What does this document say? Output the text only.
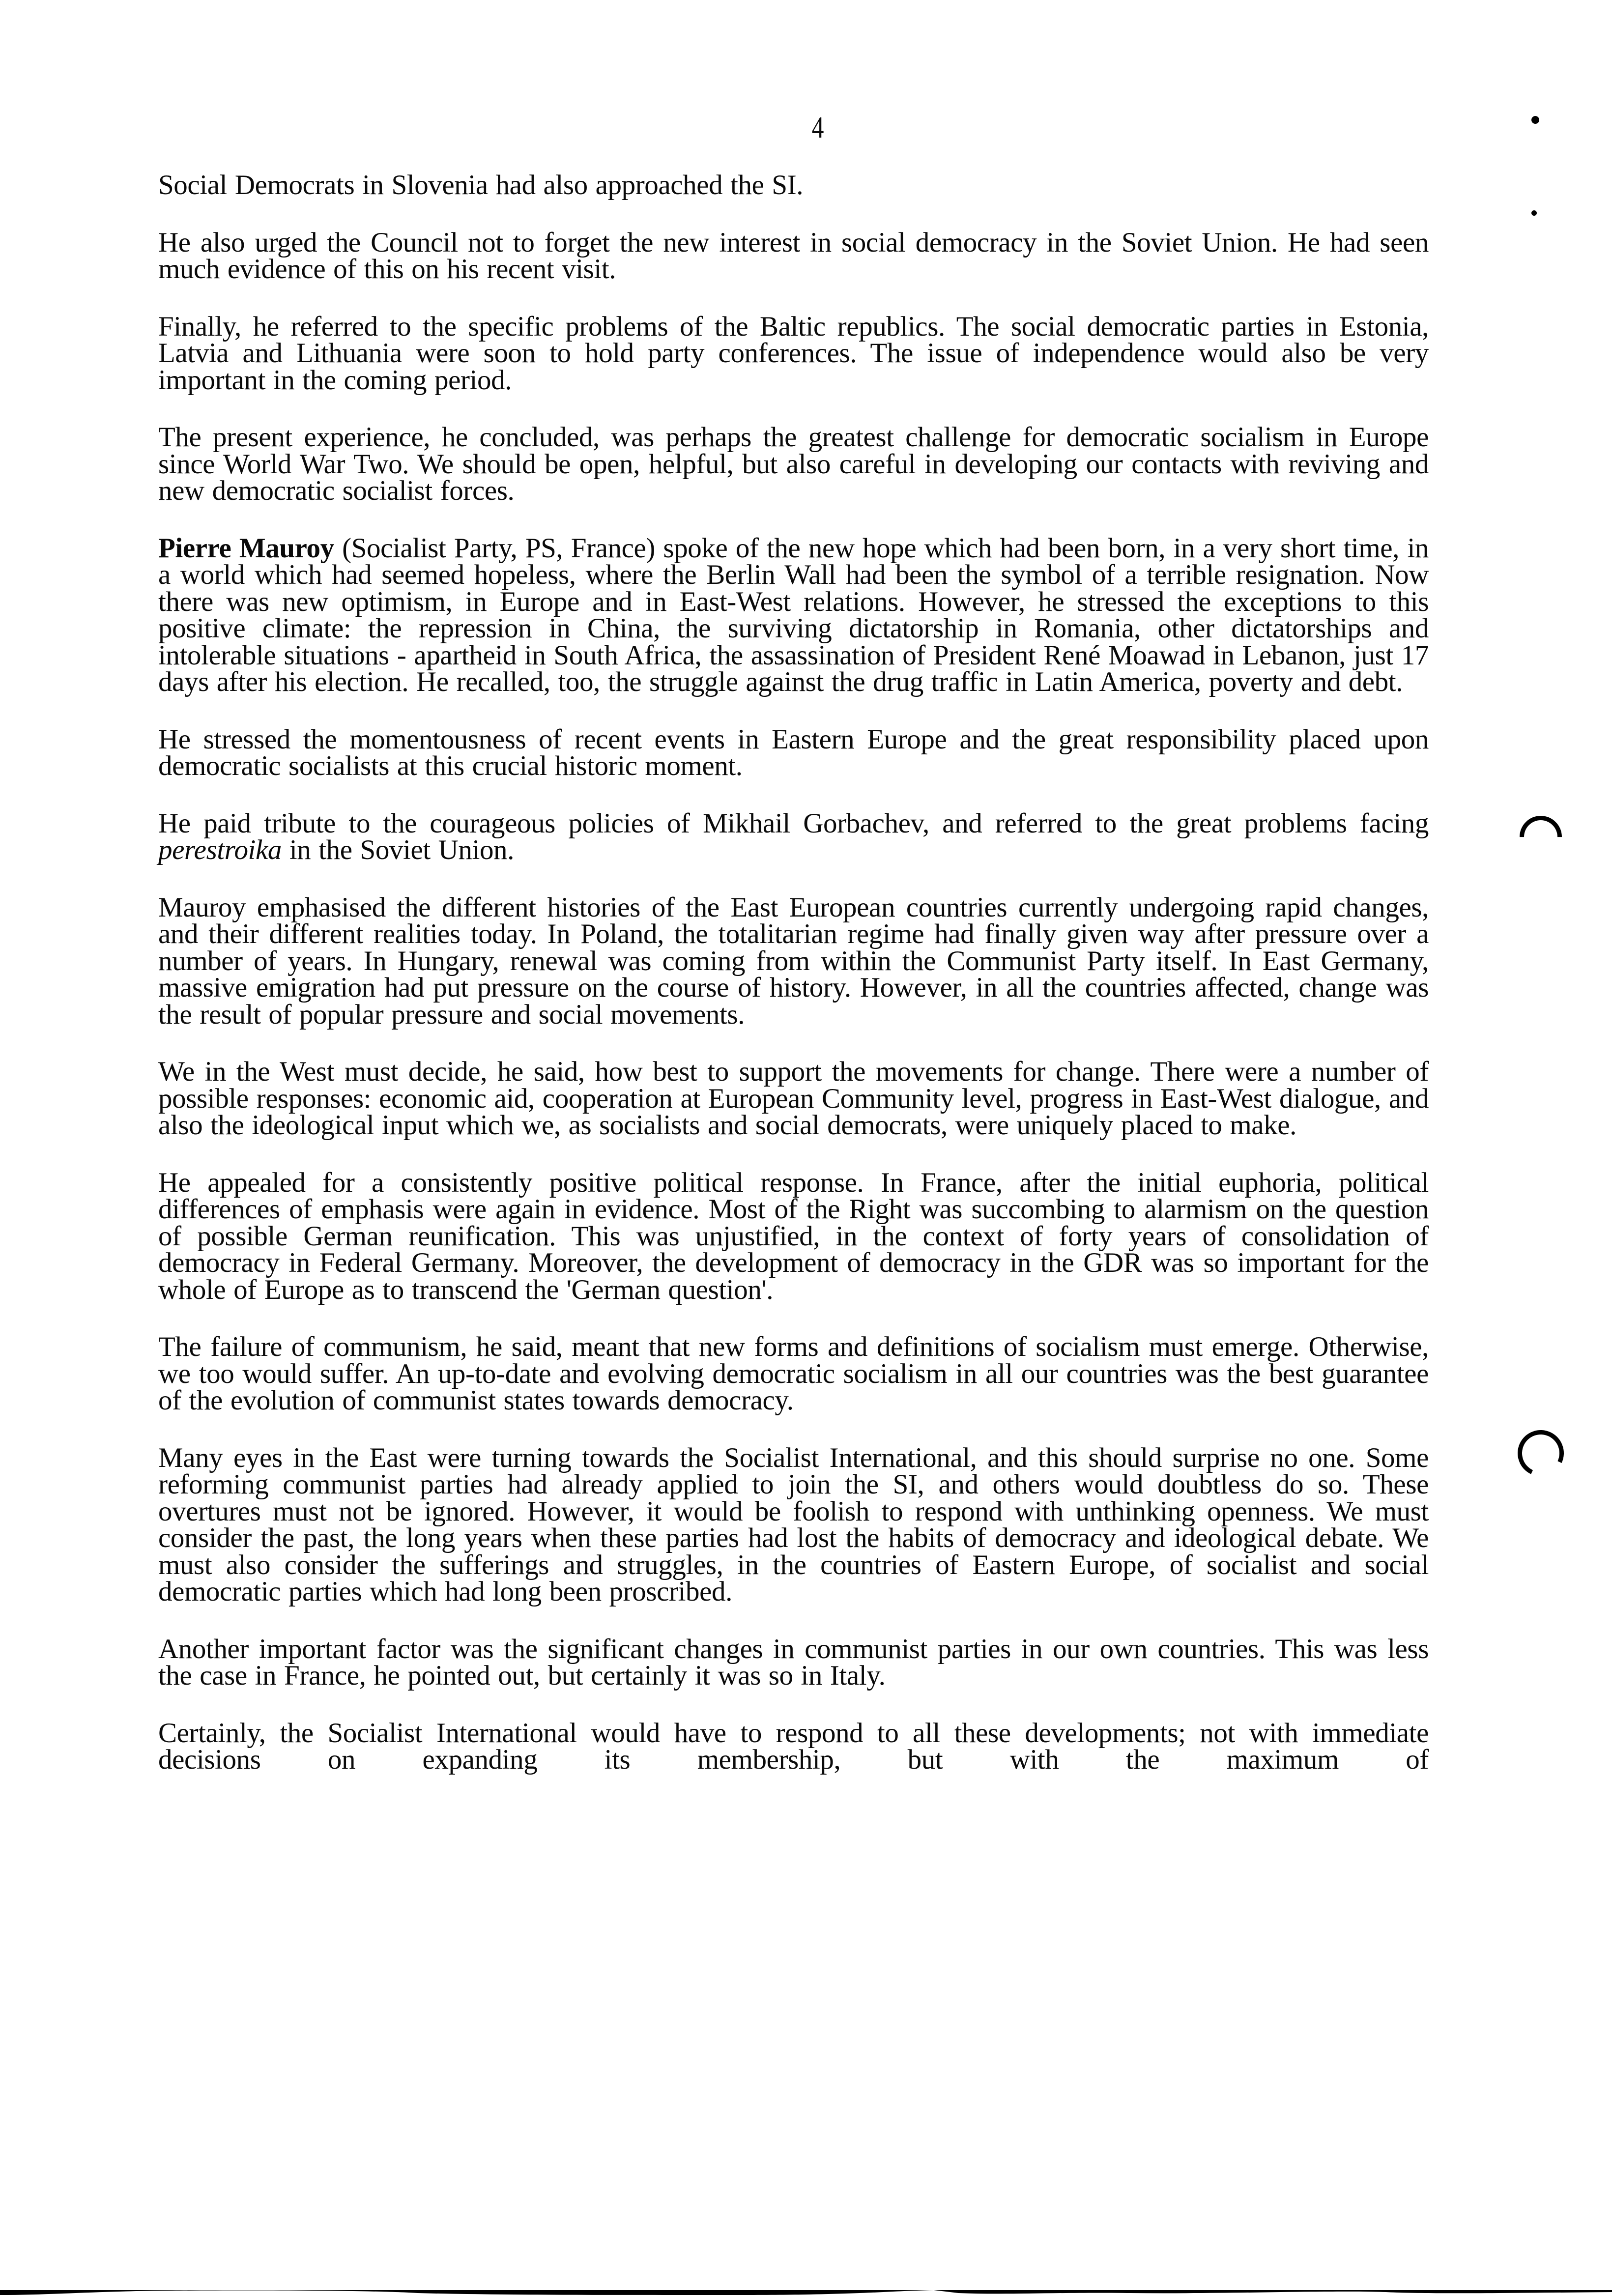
4

Social Democrats in Slovenia had also approached the SI.

He also urged the Council not to forget the new interest in social democracy in the Soviet Union. He had seen much evidence of this on his recent visit.

Finally, he referred to the specific problems of the Baltic republics. The social democratic parties in Estonia, Latvia and Lithuania were soon to hold party conferences. The issue of independence would also be very important in the coming period.

The present experience, he concluded, was perhaps the greatest challenge for democratic socialism in Europe since World War Two. We should be open, helpful, but also careful in developing our contacts with reviving and new democratic socialist forces.

Pierre Mauroy (Socialist Party, PS, France) spoke of the new hope which had been born, in a very short time, in a world which had seemed hopeless, where the Berlin Wall had been the symbol of a terrible resignation. Now there was new optimism, in Europe and in East-West relations. However, he stressed the exceptions to this positive climate: the repression in China, the surviving dictatorship in Romania, other dictatorships and intolerable situations - apartheid in South Africa, the assassination of President René Moawad in Lebanon, just 17 days after his election. He recalled, too, the struggle against the drug traffic in Latin America, poverty and debt.

He stressed the momentousness of recent events in Eastern Europe and the great responsibility placed upon democratic socialists at this crucial historic moment.

He paid tribute to the courageous policies of Mikhail Gorbachev, and referred to the great problems facing perestroika in the Soviet Union.

Mauroy emphasised the different histories of the East European countries currently undergoing rapid changes, and their different realities today. In Poland, the totalitarian regime had finally given way after pressure over a number of years. In Hungary, renewal was coming from within the Communist Party itself. In East Germany, massive emigration had put pressure on the course of history. However, in all the countries affected, change was the result of popular pressure and social movements.

We in the West must decide, he said, how best to support the movements for change. There were a number of possible responses: economic aid, cooperation at European Community level, progress in East-West dialogue, and also the ideological input which we, as socialists and social democrats, were uniquely placed to make.

He appealed for a consistently positive political response. In France, after the initial euphoria, political differences of emphasis were again in evidence. Most of the Right was succombing to alarmism on the question of possible German reunification. This was unjustified, in the context of forty years of consolidation of democracy in Federal Germany. Moreover, the development of democracy in the GDR was so important for the whole of Europe as to transcend the 'German question'.

The failure of communism, he said, meant that new forms and definitions of socialism must emerge. Otherwise, we too would suffer. An up-to-date and evolving democratic socialism in all our countries was the best guarantee of the evolution of communist states towards democracy.

Many eyes in the East were turning towards the Socialist International, and this should surprise no one. Some reforming communist parties had already applied to join the SI, and others would doubtless do so. These overtures must not be ignored. However, it would be foolish to respond with unthinking openness. We must consider the past, the long years when these parties had lost the habits of democracy and ideological debate. We must also consider the sufferings and struggles, in the countries of Eastern Europe, of socialist and social democratic parties which had long been proscribed.

Another important factor was the significant changes in communist parties in our own countries. This was less the case in France, he pointed out, but certainly it was so in Italy.

Certainly, the Socialist International would have to respond to all these developments; not with immediate decisions on expanding its membership, but with the maximum of
